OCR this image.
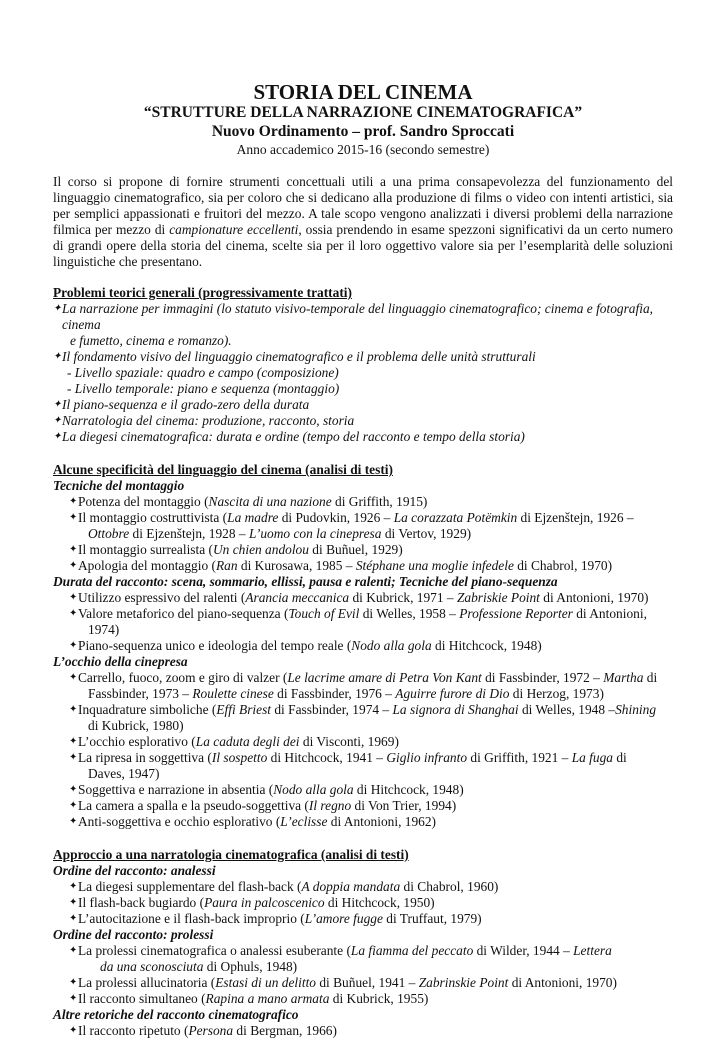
STORIA DEL CINEMA
“STRUTTURE DELLA NARRAZIONE CINEMATOGRAFICA”
Nuovo Ordinamento – prof. Sandro Sproccati
Anno accademico 2015-16 (secondo semestre)
Il corso si propone di fornire strumenti concettuali utili a una prima consapevolezza del funzionamento del linguaggio cinematografico, sia per coloro che si dedicano alla produzione di films o video con intenti artistici, sia per semplici appassionati e fruitori del mezzo. A tale scopo vengono analizzati i diversi problemi della narrazione filmica per mezzo di campionature eccellenti, ossia prendendo in esame spezzoni significativi da un certo numero di grandi opere della storia del cinema, scelte sia per il loro oggettivo valore sia per l’esemplarità delle soluzioni linguistiche che presentano.
Problemi teorici generali (progressivamente trattati)
✦ La narrazione per immagini (lo statuto visivo-temporale del linguaggio cinematografico; cinema e fotografia, cinema
e fumetto, cinema e romanzo).
✦ Il fondamento visivo del linguaggio cinematografico e il problema delle unità strutturali
- Livello spaziale: quadro e campo (composizione)
- Livello temporale: piano e sequenza (montaggio)
✦ Il piano-sequenza e il grado-zero della durata
✦ Narratologia del cinema: produzione, racconto, storia
✦ La diegesi cinematografica: durata e ordine (tempo del racconto e tempo della storia)
Alcune specificità del linguaggio del cinema (analisi di testi)
Tecniche del montaggio
✦ Potenza del montaggio (Nascita di una nazione di Griffith, 1915)
✦ Il montaggio costruttivista (La madre di Pudovkin, 1926 – La corazzata Potëmkin di Ejzenštejn, 1926 –
Ottobre di Ejzenštejn, 1928 – L’uomo con la cinepresa di Vertov, 1929)
✦ Il montaggio surrealista (Un chien andolou di Buñuel, 1929)
✦ Apologia del montaggio (Ran di Kurosawa, 1985 – Stéphane una moglie infedele di Chabrol, 1970)
Durata del racconto: scena, sommario, ellissi, pausa e ralenti; Tecniche del piano-sequenza
✦ Utilizzo espressivo del ralenti (Arancia meccanica di Kubrick, 1971 – Zabriskie Point di Antonioni, 1970)
✦ Valore metaforico del piano-sequenza (Touch of Evil di Welles, 1958 – Professione Reporter di Antonioni,
1974)
✦ Piano-sequenza unico e ideologia del tempo reale (Nodo alla gola di Hitchcock, 1948)
L’occhio della cinepresa
✦ Carrello, fuoco, zoom e giro di valzer (Le lacrime amare di Petra Von Kant di Fassbinder, 1972 – Martha di
Fassbinder, 1973 – Roulette cinese di Fassbinder, 1976 – Aguirre furore di Dio di Herzog, 1973)
✦ Inquadrature simboliche (Effi Briest di Fassbinder, 1974 – La signora di Shanghai di Welles, 1948 –Shining
di Kubrick, 1980)
✦ L’occhio esplorativo (La caduta degli dei di Visconti, 1969)
✦ La ripresa in soggettiva (Il sospetto di Hitchcock, 1941 – Giglio infranto di Griffith, 1921 – La fuga di
Daves, 1947)
✦ Soggettiva e narrazione in absentia (Nodo alla gola di Hitchcock, 1948)
✦ La camera a spalla e la pseudo-soggettiva (Il regno di Von Trier, 1994)
✦ Anti-soggettiva e occhio esplorativo (L’eclisse di Antonioni, 1962)
Approccio a una narratologia cinematografica (analisi di testi)
Ordine del racconto: analessi
✦ La diegesi supplementare del flash-back (A doppia mandata di Chabrol, 1960)
✦ Il flash-back bugiardo (Paura in palcoscenico di Hitchcock, 1950)
✦ L’autocitazione e il flash-back improprio (L’amore fugge di Truffaut, 1979)
Ordine del racconto: prolessi
✦ La prolessi cinematografica o analessi esuberante (La fiamma del peccato di Wilder, 1944 – Lettera
da una sconosciuta di Ophuls, 1948)
✦ La prolessi allucinatoria (Estasi di un delitto di Buñuel, 1941 – Zabrinskie Point di Antonioni, 1970)
✦ Il racconto simultaneo (Rapina a mano armata di Kubrick, 1955)
Altre retoriche del racconto cinematografico
✦ Il racconto ripetuto (Persona di Bergman, 1966)
